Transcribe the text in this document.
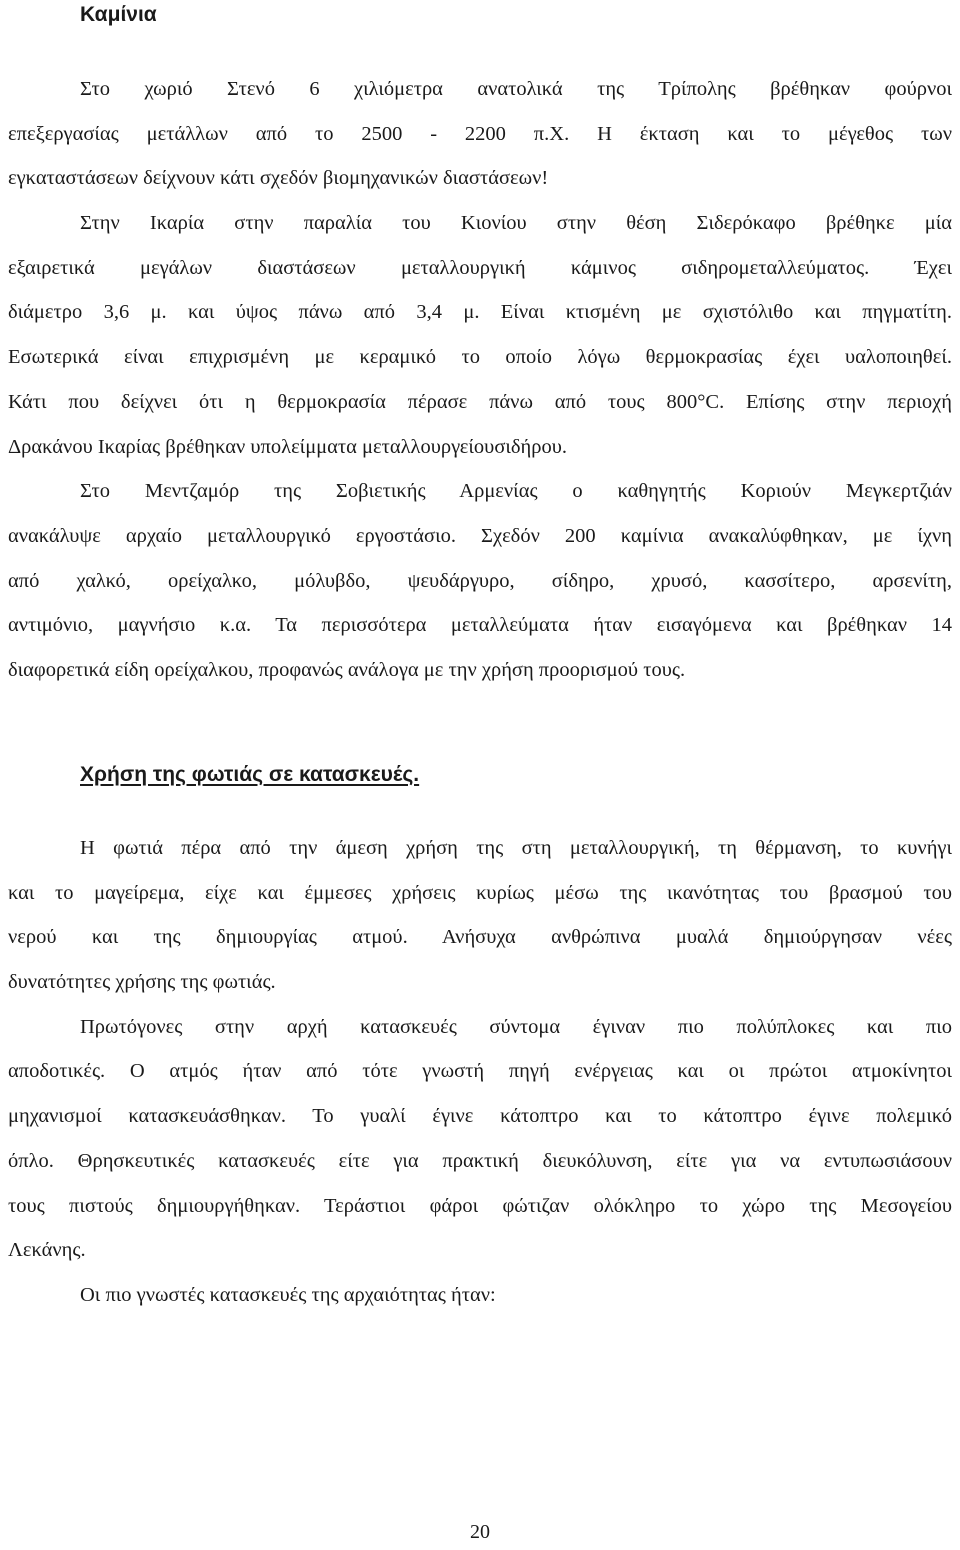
Καμίνια
Στο χωριό Στενό 6 χιλιόμετρα ανατολικά της Τρίπολης βρέθηκαν φούρνοι
επεξεργασίας μετάλλων από το 2500 - 2200 π.Χ. Η έκταση και το μέγεθος των
εγκαταστάσεων δείχνουν κάτι σχεδόν βιομηχανικών διαστάσεων!
Στην Ικαρία στην παραλία του Κιονίου στην θέση Σιδερόκαφο βρέθηκε μία
εξαιρετικά μεγάλων διαστάσεων μεταλλουργική κάμινος σιδηρομεταλλεύματος. Έχει
διάμετρο 3,6 μ. και ύψος πάνω από 3,4 μ. Είναι κτισμένη με σχιστόλιθο και πηγματίτη.
Εσωτερικά είναι επιχρισμένη με κεραμικό το οποίο λόγω θερμοκρασίας έχει υαλοποιηθεί.
Κάτι που δείχνει ότι η θερμοκρασία πέρασε πάνω από τους 800°C. Επίσης στην περιοχή
Δρακάνου Ικαρίας βρέθηκαν υπολείμματα μεταλλουργείουσιδήρου.
Στο Μεντζαμόρ της Σοβιετικής Αρμενίας ο καθηγητής Κοριούν Μεγκερτζιάν
ανακάλυψε αρχαίο μεταλλουργικό εργοστάσιο. Σχεδόν 200 καμίνια ανακαλύφθηκαν, με ίχνη
από χαλκό, ορείχαλκο, μόλυβδο, ψευδάργυρο, σίδηρο, χρυσό, κασσίτερο, αρσενίτη,
αντιμόνιο, μαγνήσιο κ.α. Τα περισσότερα μεταλλεύματα ήταν εισαγόμενα και βρέθηκαν 14
διαφορετικά είδη ορείχαλκου, προφανώς ανάλογα με την χρήση προορισμού τους.
Χρήση της φωτιάς σε κατασκευές.
Η φωτιά πέρα από την άμεση χρήση της στη μεταλλουργική, τη θέρμανση, το κυνήγι
και το μαγείρεμα, είχε και έμμεσες χρήσεις κυρίως μέσω της ικανότητας του βρασμού του
νερού και της δημιουργίας ατμού. Ανήσυχα ανθρώπινα μυαλά δημιούργησαν νέες
δυνατότητες χρήσης της φωτιάς.
Πρωτόγονες στην αρχή κατασκευές σύντομα έγιναν πιο πολύπλοκες και πιο
αποδοτικές. Ο ατμός ήταν από τότε γνωστή πηγή ενέργειας και οι πρώτοι ατμοκίνητοι
μηχανισμοί κατασκευάσθηκαν. Το γυαλί έγινε κάτοπτρο και το κάτοπτρο έγινε πολεμικό
όπλο. Θρησκευτικές κατασκευές είτε για πρακτική διευκόλυνση, είτε για να εντυπωσιάσουν
τους πιστούς δημιουργήθηκαν. Τεράστιοι φάροι φώτιζαν ολόκληρο το χώρο της Μεσογείου
Λεκάνης.
Οι πιο γνωστές κατασκευές της αρχαιότητας ήταν:
20
